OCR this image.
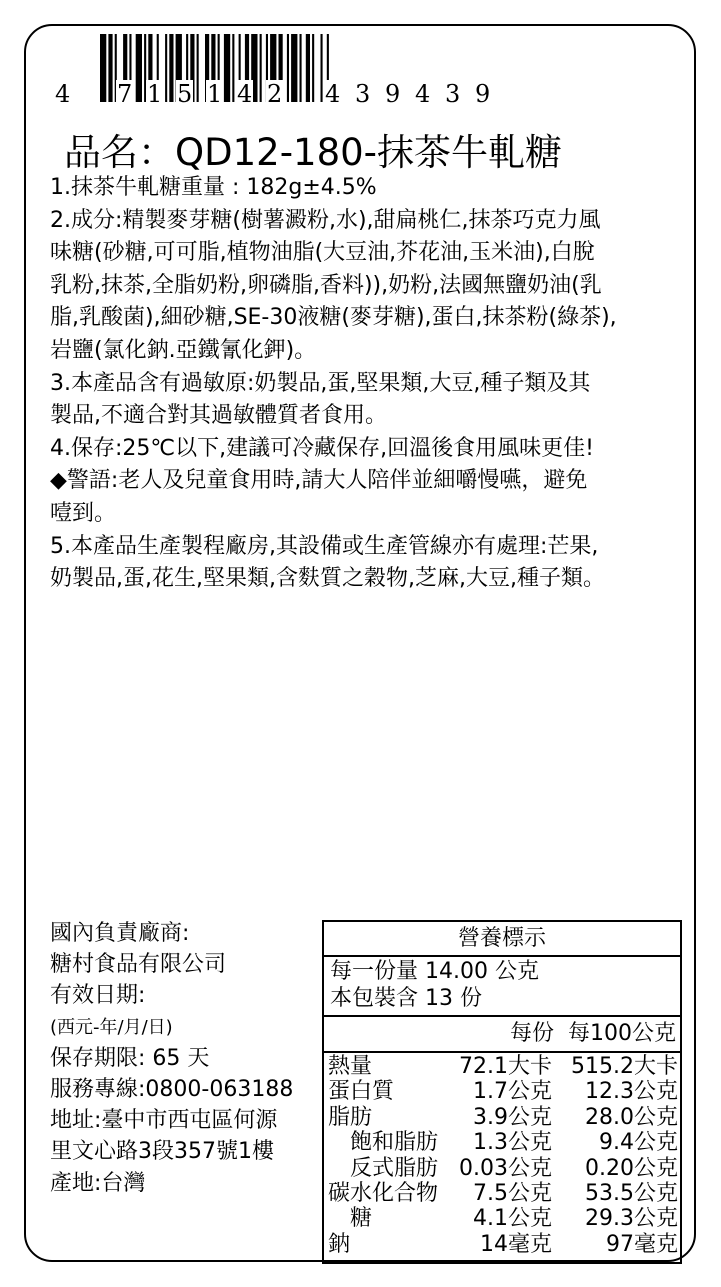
4 7 1 5 1 4 2 4 3 9 4 3 9
品名：QD12-180-抹茶牛軋糖

1.抹茶牛軋糖重量 : 182g±4.5%

2.成分:精製麥芽糖(樹薯澱粉,水),甜扁桃仁,抹茶巧克力風

味糖(砂糖,可可脂,植物油脂(大豆油,芥花油,玉米油),白脫

乳粉,抹茶,全脂奶粉,卵磷脂,香料)),奶粉,法國無鹽奶油(乳

脂,乳酸菌),細砂糖,SE-30液糖(麥芽糖),蛋白,抹茶粉(綠茶),

岩鹽(氯化鈉.亞鐵氰化鉀)。

3.本產品含有過敏原:奶製品,蛋,堅果類,大豆,種子類及其

製品,不適合對其過敏體質者食用。

4.保存:25℃以下,建議可冷藏保存,回溫後食用風味更佳!

◆警語:老人及兒童食用時,請大人陪伴並細嚼慢嚥，避免

噎到。

5.本產品生產製程廠房,其設備或生產管線亦有處理:芒果,

奶製品,蛋,花生,堅果類,含麩質之穀物,芝麻,大豆,種子類。

國內負責廠商:
糖村食品有限公司
有效日期:
(西元-年/月/日)
保存期限: 65 天
服務專線:0800-063188
地址:臺中市西屯區何源
里文心路3段357號1樓
產地:台灣
營養標示
每一份量 14.00 公克
本包裝含 13 份
每份  每100公克
熱量	72.1大卡 515.2大卡
蛋白質	1.7公克 12.3公克
脂肪	3.9公克 28.0公克
飽和脂肪 1.3公克 9.4公克
反式脂肪 0.03公克 0.20公克
碳水化合物 7.5公克 53.5公克
糖	4.1公克 29.3公克
鈉	14毫克 97毫克
